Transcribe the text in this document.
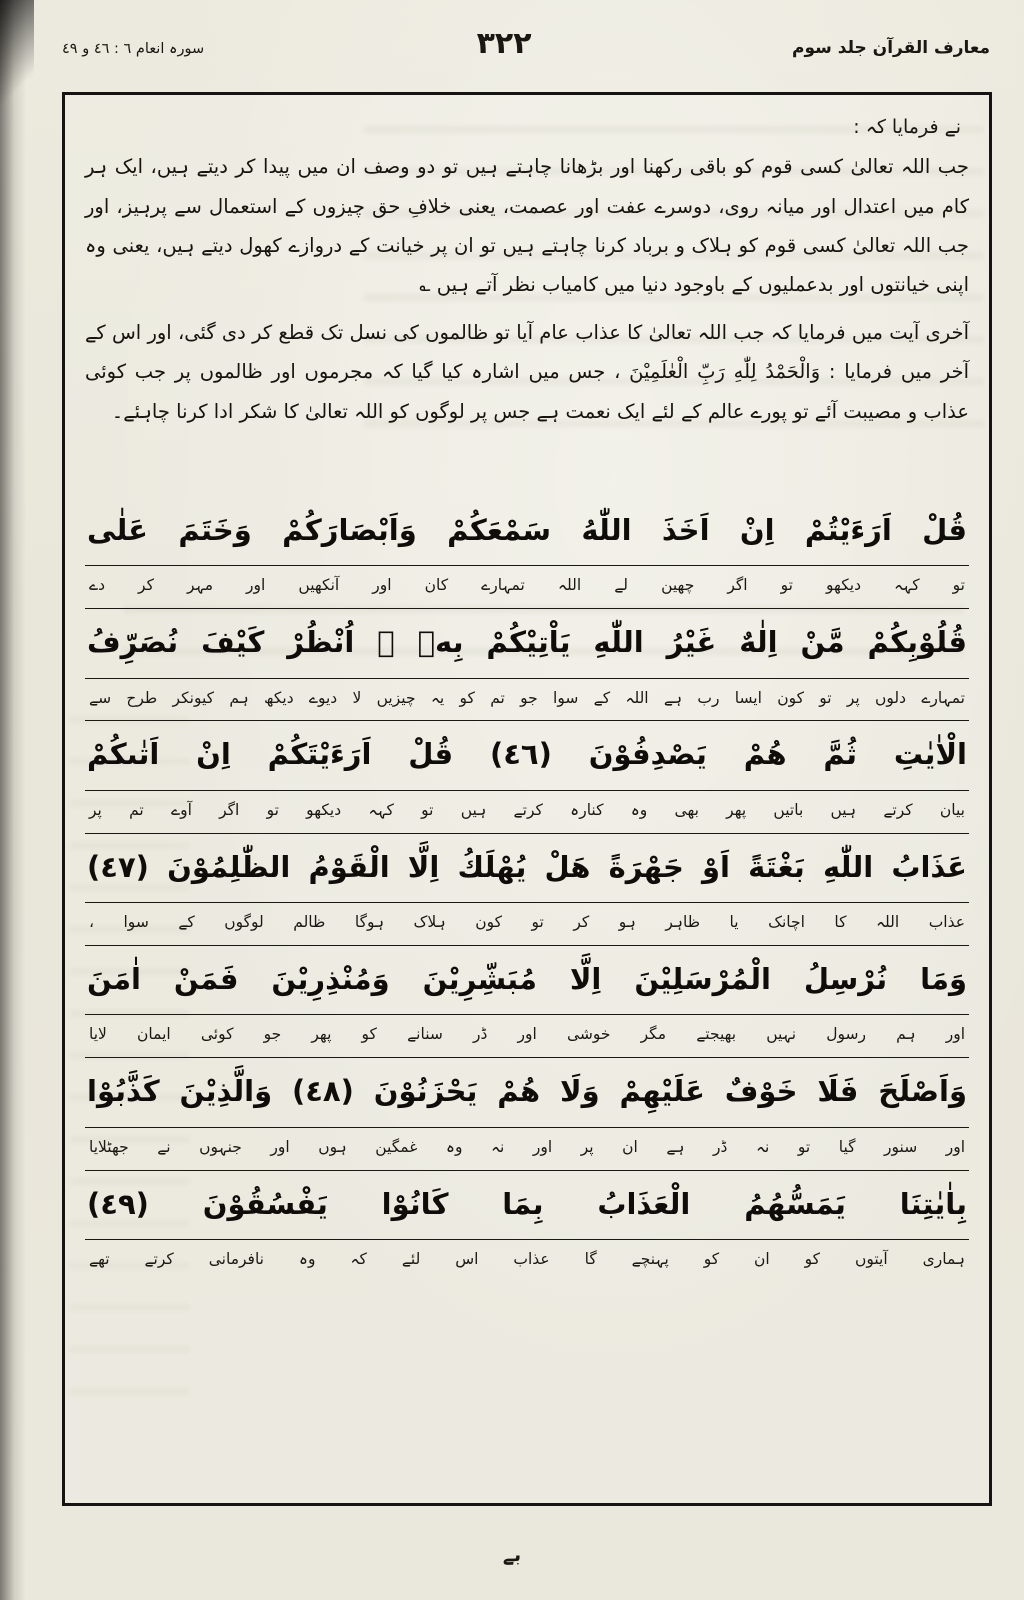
معارف القرآن جلد سوم
٣٢٢
سورہ انعام ٦ : ٤٦ و ٤٩
نے فرمایا کہ :

جب اللہ تعالیٰ کسی قوم کو باقی رکھنا اور بڑھانا چاہتے ہیں تو دو وصف ان میں پیدا کر دیتے ہیں، ایک ہر کام میں اعتدال اور میانہ روی، دوسرے عفت اور عصمت، یعنی خلافِ حق چیزوں کے استعمال سے پرہیز، اور جب اللہ تعالیٰ کسی قوم کو ہلاک و برباد کرنا چاہتے ہیں تو ان پر خیانت کے دروازے کھول دیتے ہیں، یعنی وہ اپنی خیانتوں اور بدعملیوں کے باوجود دنیا میں کامیاب نظر آتے ہیں ؎

آخری آیت میں فرمایا کہ جب اللہ تعالیٰ کا عذاب عام آیا تو ظالموں کی نسل تک قطع کر دی گئی، اور اس کے آخر میں فرمایا : وَالْحَمْدُ لِلّٰهِ رَبِّ الْعٰلَمِيْنَ ، جس میں اشارہ کیا گیا کہ مجرموں اور ظالموں پر جب کوئی عذاب و مصیبت آئے تو پورے عالم کے لئے ایک نعمت ہے جس پر لوگوں کو اللہ تعالیٰ کا شکر ادا کرنا چاہئے۔

قُلْ اَرَءَيْتُمْ اِنْ اَخَذَ اللّٰهُ سَمْعَكُمْ وَاَبْصَارَكُمْ وَخَتَمَ عَلٰى
تو کہہ دیکھو تو اگر چھین لے اللہ تمہارے کان اور آنکھیں اور مہر کر دے
قُلُوْبِكُمْ مَّنْ اِلٰهٌ غَيْرُ اللّٰهِ يَاْتِيْكُمْ بِهٖ ۗ اُنْظُرْ كَيْفَ نُصَرِّفُ
تمہارے دلوں پر تو کون ایسا رب ہے اللہ کے سوا جو تم کو یہ چیزیں لا دیوے دیکھ ہم کیونکر طرح سے
الْاٰيٰتِ ثُمَّ هُمْ يَصْدِفُوْنَ (٤٦) قُلْ اَرَءَيْتَكُمْ اِنْ اَتٰىكُمْ
بیان کرتے ہیں باتیں پھر بھی وہ کنارہ کرتے ہیں تو کہہ دیکھو تو اگر آوے تم پر
عَذَابُ اللّٰهِ بَغْتَةً اَوْ جَهْرَةً هَلْ يُهْلَكُ اِلَّا الْقَوْمُ الظّٰلِمُوْنَ (٤٧)
عذاب اللہ کا اچانک یا ظاہر ہو کر تو کون ہلاک ہوگا ظالم لوگوں کے سوا ،
وَمَا نُرْسِلُ الْمُرْسَلِيْنَ اِلَّا مُبَشِّرِيْنَ وَمُنْذِرِيْنَ فَمَنْ اٰمَنَ
اور ہم رسول نہیں بھیجتے مگر خوشی اور ڈر سنانے کو پھر جو کوئی ایمان لایا
وَاَصْلَحَ فَلَا خَوْفٌ عَلَيْهِمْ وَلَا هُمْ يَحْزَنُوْنَ (٤٨) وَالَّذِيْنَ كَذَّبُوْا
اور سنور گیا تو نہ ڈر ہے ان پر اور نہ وہ غمگین ہوں اور جنہوں نے جھٹلایا
بِاٰيٰتِنَا يَمَسُّهُمُ الْعَذَابُ بِمَا كَانُوْا يَفْسُقُوْنَ (٤٩)
ہماری آیتوں کو ان کو پہنچے گا عذاب اس لئے کہ وہ نافرمانی کرتے تھے
بے
